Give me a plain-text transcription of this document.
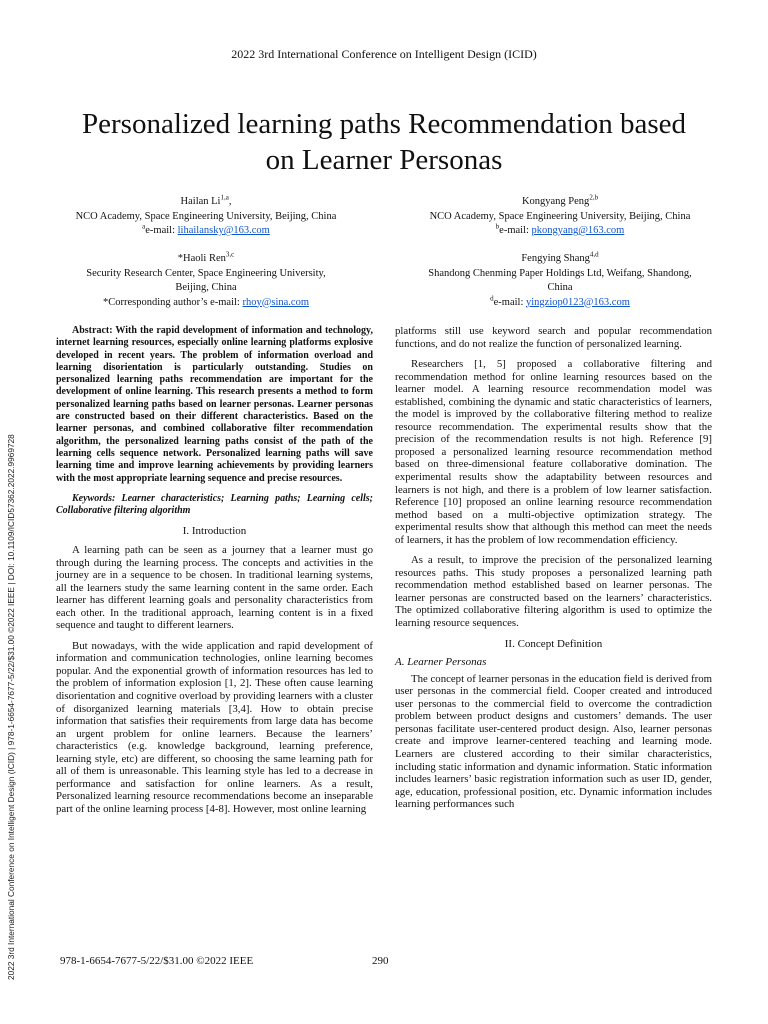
2022 3rd International Conference on Intelligent Design (ICID)
Personalized learning paths Recommendation based
on Learner Personas
Hailan Li$^{1,a}$,
NCO Academy, Space Engineering University, Beijing, China
$^a$e-mail: lihailansky@163.com
Kongyang Peng$^{2,b}$
NCO Academy, Space Engineering University, Beijing, China
$^b$e-mail: pkongyang@163.com
*Haoli Ren$^{3,c}$
Security Research Center, Space Engineering University,
Beijing, China
*Corresponding author’s e-mail: rhoy@sina.com
Fengying Shang$^{4,d}$
Shandong Chenming Paper Holdings Ltd, Weifang, Shandong,
China
$^d$e-mail: yingziop0123@163.com
2022 3rd International Conference on Intelligent Design (ICID) | 978-1-6654-7677-5/22/$31.00 ©2022 IEEE | DOI: 10.1109/ICID57362.2022.9969728

Abstract: With the rapid development of information and technology, internet learning resources, especially online learning platforms explosive developed in recent years. The problem of information overload and learning disorientation is particularly outstanding. Studies on personalized learning paths recommendation are important for the development of online learning. This research presents a method to form personalized learning paths based on learner personas. Learner personas are constructed based on their different characteristics. Based on the learner personas, and combined collaborative filter recommendation algorithm, the personalized learning paths consist of the path of the learning cells sequence network. Personalized learning paths will save learning time and improve learning achievements by providing learners with the most appropriate learning sequence and precise resources.

Keywords: Learner characteristics; Learning paths; Learning cells; Collaborative filtering algorithm

I. Introduction

A learning path can be seen as a journey that a learner must go through during the learning process. The concepts and activities in the journey are in a sequence to be chosen. In traditional learning systems, all the learners study the same learning content in the same order. Each learner has different learning goals and personality characteristics from each other. In the traditional approach, learning content is in a fixed sequence and taught to different learners.

But nowadays, with the wide application and rapid development of information and communication technologies, online learning becomes popular. And the exponential growth of information resources has led to the problem of information explosion [1, 2]. These often cause learning disorientation and cognitive overload by providing learners with a cluster of disorganized learning materials [3,4]. How to obtain precise information that satisfies their requirements from large data has become an urgent problem for online learners. Because the learners’ characteristics (e.g. knowledge background, learning preference, learning style, etc) are different, so choosing the same learning path for all of them is unreasonable. This learning style has led to a decrease in performance and satisfaction for online learners. As a result, Personalized learning resource recommendations become an inseparable part of the online learning process [4-8]. However, most online learning

platforms still use keyword search and popular recommendation functions, and do not realize the function of personalized learning.

Researchers [1, 5] proposed a collaborative filtering and recommendation method for online learning resources based on the learner model. A learning resource recommendation model was established, combining the dynamic and static characteristics of learners, the model is improved by the collaborative filtering method to realize resource recommendation. The experimental results show that the precision of the recommendation results is not high. Reference [9] proposed a personalized learning resource recommendation method based on three-dimensional feature collaborative domination. The experimental results show the adaptability between resources and learners is not high, and there is a problem of low learner satisfaction. Reference [10] proposed an online learning resource recommendation method based on a multi-objective optimization strategy. The experimental results show that although this method can meet the needs of learners, it has the problem of low recommendation efficiency.

As a result, to improve the precision of the personalized learning resources paths. This study proposes a personalized learning path recommendation method established based on learner personas. The learner personas are constructed based on the learners’ characteristics. The optimized collaborative filtering algorithm is used to optimize the learning resource sequences.

II. Concept Definition
A. Learner Personas

The concept of learner personas in the education field is derived from user personas in the commercial field. Cooper created and introduced user personas to the commercial field to overcome the contradiction problem between product designs and customers’ demands. The user personas facilitate user-centered product design. Also, learner personas create and improve learner-centered teaching and learning mode. Learners are clustered according to their similar characteristics, including static information and dynamic information. Static information includes learners’ basic registration information such as user ID, gender, age, education, professional position, etc. Dynamic information includes learning performances such

978-1-6654-7677-5/22/$31.00 ©2022 IEEE	290
